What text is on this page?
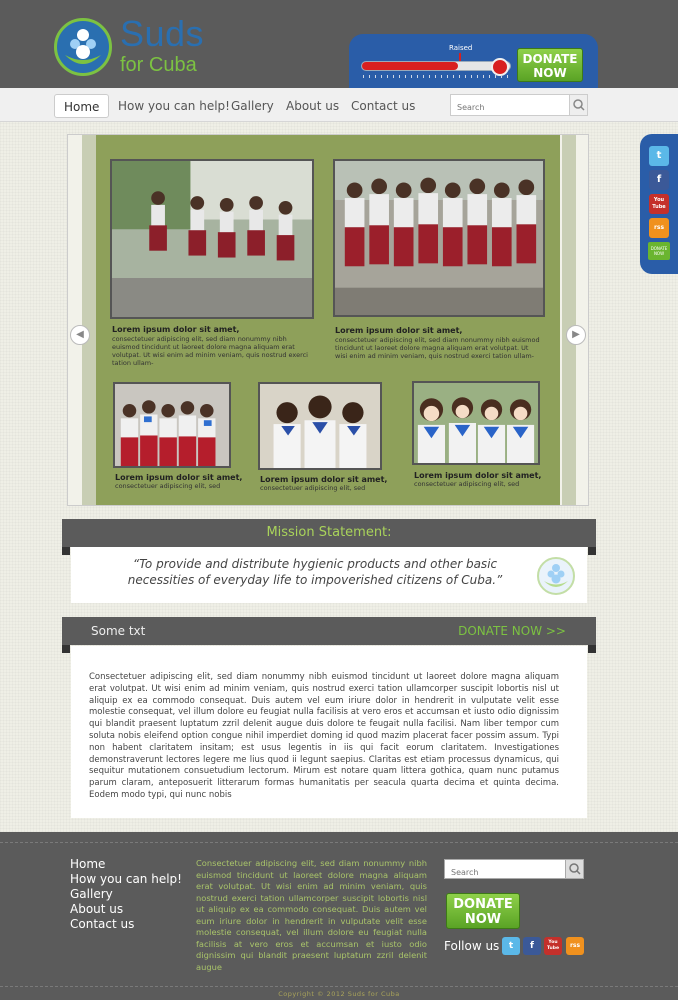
Suds
for Cuba
Raised
DONATE NOW
Home	How you can help! Gallery	About us Contact us
Search
t
f
You Tube
rss
DONATE NOW
Lorem ipsum dolor sit amet,
consectetuer adipiscing elit, sed diam nonummy nibh euismod tincidunt ut laoreet dolore magna aliquam erat volutpat. Ut wisi enim ad minim veniam, quis nostrud exerci tation ullam-
Lorem ipsum dolor sit amet,
consectetuer adipiscing elit, sed diam nonummy nibh euismod tincidunt ut laoreet dolore magna aliquam erat volutpat. Ut wisi enim ad minim veniam, quis nostrud exerci tation ullam-
Lorem ipsum dolor sit amet,
consectetuer adipiscing elit, sed
Lorem ipsum dolor sit amet,
consectetuer adipiscing elit, sed
Lorem ipsum dolor sit amet,
consectetuer adipiscing elit, sed
◀	▶
Mission Statement:
“To provide and distribute hygienic products and other basic necessities of everyday life to impoverished citizens of Cuba.”
Some txt	DONATE NOW >>
Consectetuer adipiscing elit, sed diam nonummy nibh euismod tincidunt ut laoreet dolore magna aliquam erat volutpat. Ut wisi enim ad minim veniam, quis nostrud exerci tation ullamcorper suscipit lobortis nisl ut aliquip ex ea commodo consequat. Duis autem vel eum iriure dolor in hendrerit in vulputate velit esse molestie consequat, vel illum dolore eu feugiat nulla facilisis at vero eros et accumsan et iusto odio dignissim qui blandit praesent luptatum zzril delenit augue duis dolore te feugait nulla facilisi. Nam liber tempor cum soluta nobis eleifend option congue nihil imperdiet doming id quod mazim placerat facer possim assum. Typi non habent claritatem insitam; est usus legentis in iis qui facit eorum claritatem. Investigationes demonstraverunt lectores legere me lius quod ii legunt saepius. Claritas est etiam processus dynamicus, qui sequitur mutationem consuetudium lectorum. Mirum est notare quam littera gothica, quam nunc putamus parum claram, anteposuerit litterarum formas humanitatis per seacula quarta decima et quinta decima. Eodem modo typi, qui nunc nobis
Home
How you can help!
Gallery
About us
Contact us
Consectetuer adipiscing elit, sed diam nonummy nibh euismod tincidunt ut laoreet dolore magna aliquam erat volutpat. Ut wisi enim ad minim veniam, quis nostrud exerci tation ullamcorper suscipit lobortis nisl ut aliquip ex ea commodo consequat. Duis autem vel eum iriure dolor in hendrerit in vulputate velit esse molestie consequat, vel illum dolore eu feugiat nulla facilisis at vero eros et accumsan et iusto odio dignissim qui blandit praesent luptatum zzril delenit augue
Search
DONATE NOW
Follow us	t	f	You Tube	rss
Copyright © 2012 Suds for Cuba
